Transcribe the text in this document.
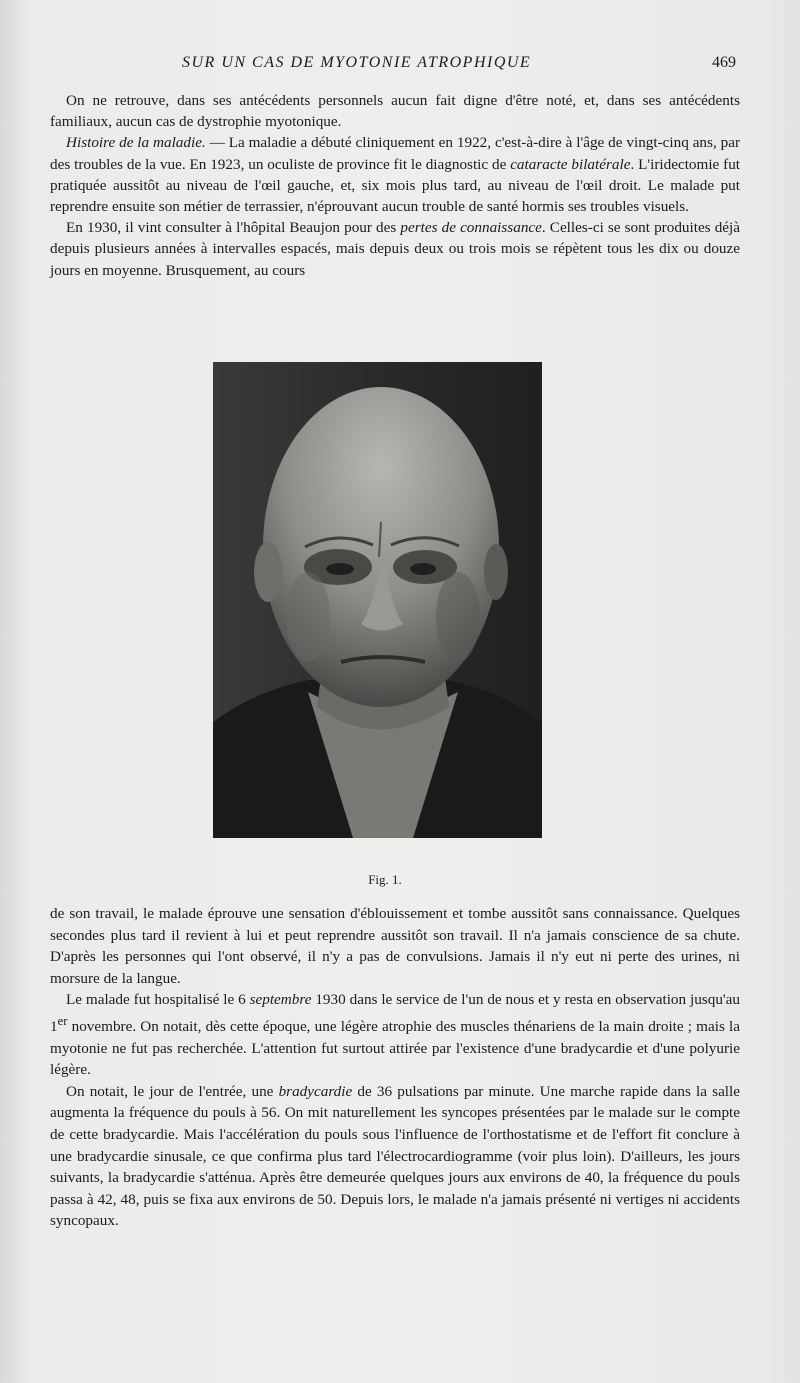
SUR UN CAS DE MYOTONIE ATROPHIQUE	469

On ne retrouve, dans ses antécédents personnels aucun fait digne d'être noté, et, dans ses antécédents familiaux, aucun cas de dystrophie myotonique.

Histoire de la maladie. — La maladie a débuté cliniquement en 1922, c'est-à-dire à l'âge de vingt-cinq ans, par des troubles de la vue. En 1923, un oculiste de province fit le diagnostic de cataracte bilatérale. L'iridectomie fut pratiquée aussitôt au niveau de l'œil gauche, et, six mois plus tard, au niveau de l'œil droit. Le malade put reprendre ensuite son métier de terrassier, n'éprouvant aucun trouble de santé hormis ses troubles visuels.

En 1930, il vint consulter à l'hôpital Beaujon pour des pertes de connaissance. Celles-ci se sont produites déjà depuis plusieurs années à intervalles espacés, mais depuis deux ou trois mois se répètent tous les dix ou douze jours en moyenne. Brusquement, au cours

Fig. 1.

de son travail, le malade éprouve une sensation d'éblouissement et tombe aussitôt sans connaissance. Quelques secondes plus tard il revient à lui et peut reprendre aussitôt son travail. Il n'a jamais conscience de sa chute. D'après les personnes qui l'ont observé, il n'y a pas de convulsions. Jamais il n'y eut ni perte des urines, ni morsure de la langue.

Le malade fut hospitalisé le 6 septembre 1930 dans le service de l'un de nous et y resta en observation jusqu'au 1er novembre. On notait, dès cette époque, une légère atrophie des muscles thénariens de la main droite ; mais la myotonie ne fut pas recherchée. L'attention fut surtout attirée par l'existence d'une bradycardie et d'une polyurie légère.

On notait, le jour de l'entrée, une bradycardie de 36 pulsations par minute. Une marche rapide dans la salle augmenta la fréquence du pouls à 56. On mit naturellement les syncopes présentées par le malade sur le compte de cette bradycardie. Mais l'accélération du pouls sous l'influence de l'orthostatisme et de l'effort fit conclure à une bradycardie sinusale, ce que confirma plus tard l'électrocardiogramme (voir plus loin). D'ailleurs, les jours suivants, la bradycardie s'atténua. Après être demeurée quelques jours aux environs de 40, la fréquence du pouls passa à 42, 48, puis se fixa aux environs de 50. Depuis lors, le malade n'a jamais présenté ni vertiges ni accidents syncopaux.
